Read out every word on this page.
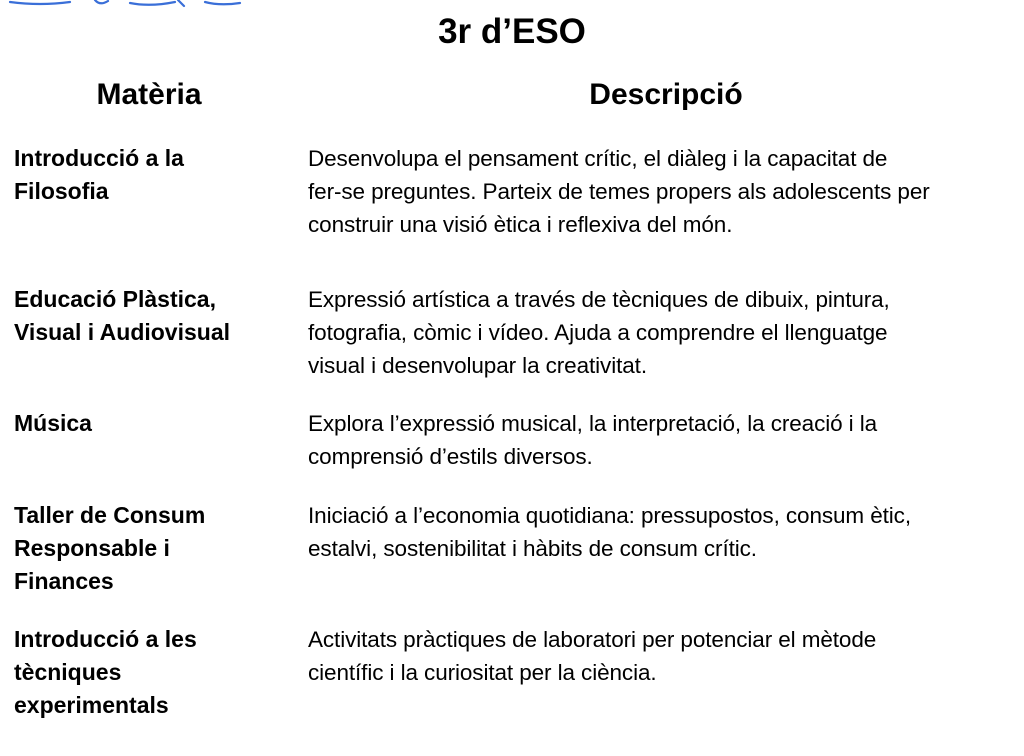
3r d’ESO
Matèria	Descripció
Introducció a la
Filosofia
Desenvolupa el pensament crític, el diàleg i la capacitat de
fer-se preguntes. Parteix de temes propers als adolescents per
construir una visió ètica i reflexiva del món.
Educació Plàstica,
Visual i Audiovisual
Expressió artística a través de tècniques de dibuix, pintura,
fotografia, còmic i vídeo. Ajuda a comprendre el llenguatge
visual i desenvolupar la creativitat.
Música	Explora l’expressió musical, la interpretació, la creació i la
comprensió d’estils diversos.
Taller de Consum
Responsable i
Finances
Iniciació a l’economia quotidiana: pressupostos, consum ètic,
estalvi, sostenibilitat i hàbits de consum crític.
Introducció a les
tècniques
experimentals
Activitats pràctiques de laboratori per potenciar el mètode
científic i la curiositat per la ciència.
